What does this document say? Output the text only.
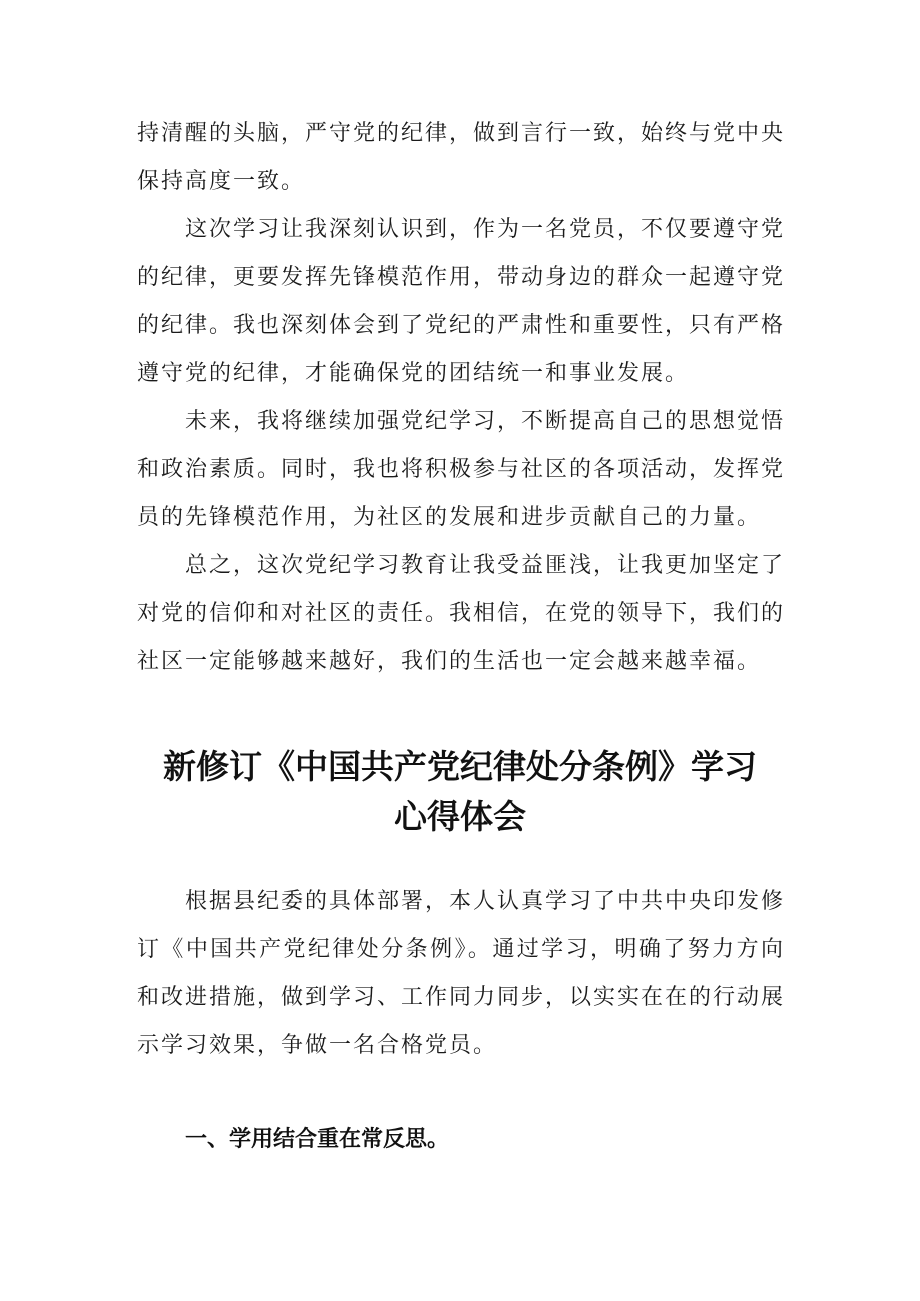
持清醒的头脑，严守党的纪律，做到言行一致，始终与党中央保持高度一致。

这次学习让我深刻认识到，作为一名党员，不仅要遵守党的纪律，更要发挥先锋模范作用，带动身边的群众一起遵守党的纪律。我也深刻体会到了党纪的严肃性和重要性，只有严格遵守党的纪律，才能确保党的团结统一和事业发展。

未来，我将继续加强党纪学习，不断提高自己的思想觉悟和政治素质。同时，我也将积极参与社区的各项活动，发挥党员的先锋模范作用，为社区的发展和进步贡献自己的力量。

总之，这次党纪学习教育让我受益匪浅，让我更加坚定了对党的信仰和对社区的责任。我相信，在党的领导下，我们的社区一定能够越来越好，我们的生活也一定会越来越幸福。

新修订《中国共产党纪律处分条例》学习
心得体会

根据县纪委的具体部署，本人认真学习了中共中央印发修订《中国共产党纪律处分条例》。通过学习，明确了努力方向和改进措施，做到学习、工作同力同步，以实实在在的行动展示学习效果，争做一名合格党员。

一、学用结合重在常反思。
